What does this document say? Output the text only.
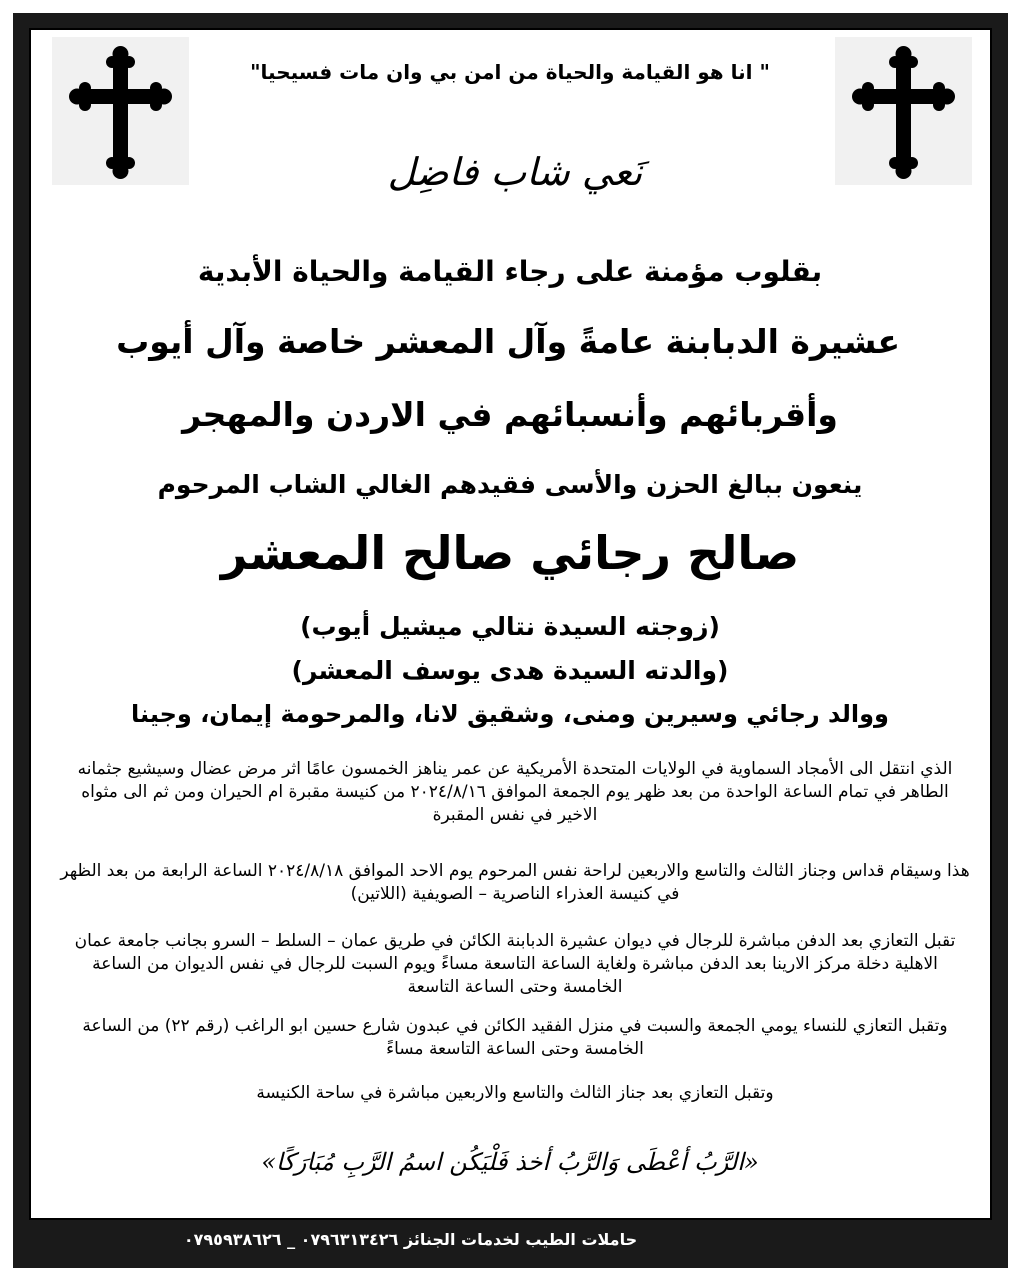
" انا هو القيامة والحياة من امن بي وان مات فسيحيا"
نَعي شاب فاضِل
بقلوب مؤمنة على رجاء القيامة والحياة الأبدية
عشيرة الدبابنة عامةً وآل المعشر خاصة وآل أيوب
وأقربائهم وأنسبائهم في الاردن والمهجر
ينعون ببالغ الحزن والأسى فقيدهم الغالي الشاب المرحوم
صالح رجائي صالح المعشر
(زوجته السيدة نتالي ميشيل أيوب)
(والدته السيدة هدى يوسف المعشر)
ووالد رجائي وسيرين ومنى، وشقيق لانا، والمرحومة إيمان، وجينا
الذي انتقل الى الأمجاد السماوية في الولايات المتحدة الأمريكية عن عمر يناهز الخمسون عامًا اثر مرض عضال وسيشيع جثمانه الطاهر في تمام الساعة الواحدة من بعد ظهر يوم الجمعة الموافق ٢٠٢٤/٨/١٦ من كنيسة مقبرة ام الحيران ومن ثم الى مثواه الاخير في نفس المقبرة
هذا وسيقام قداس وجناز الثالث والتاسع والاربعين لراحة نفس المرحوم يوم الاحد الموافق ٢٠٢٤/٨/١٨ الساعة الرابعة من بعد الظهر في كنيسة العذراء الناصرية – الصويفية (اللاتين)
تقبل التعازي بعد الدفن مباشرة للرجال في ديوان عشيرة الدبابنة الكائن في طريق عمان – السلط – السرو بجانب جامعة عمان الاهلية دخلة مركز الارينا بعد الدفن مباشرة ولغاية الساعة التاسعة مساءً ويوم السبت للرجال في نفس الديوان من الساعة الخامسة وحتى الساعة التاسعة
وتقبل التعازي للنساء يومي الجمعة والسبت في منزل الفقيد الكائن في عبدون شارع حسين ابو الراغب (رقم ٢٢) من الساعة الخامسة وحتى الساعة التاسعة مساءً
وتقبل التعازي بعد جناز الثالث والتاسع والاربعين مباشرة في ساحة الكنيسة
«الرَّبُ أعْطَى وَالرَّبُ أخذ فَلْيَكُن اسمُ الرَّبِ مُبَارَكًا»
حاملات الطيب لخدمات الجنائز ٠٧٩٦٣١٣٤٢٦ _ ٠٧٩٥٩٣٨٦٢٦
